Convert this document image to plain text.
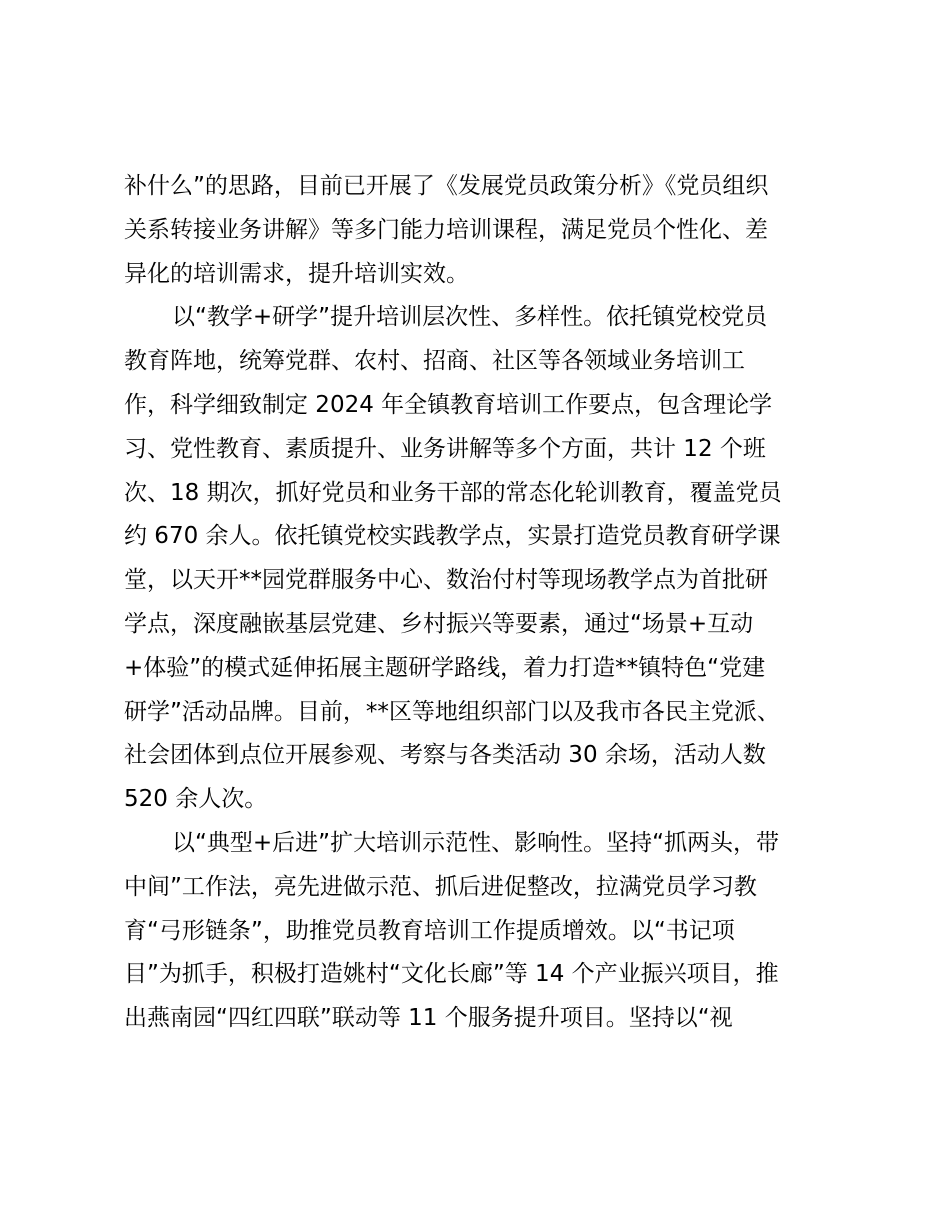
补什么”的思路，目前已开展了《发展党员政策分析》《党员组织
关系转接业务讲解》等多门能力培训课程，满足党员个性化、差
异化的培训需求，提升培训实效。
以“教学+研学”提升培训层次性、多样性。依托镇党校党员
教育阵地，统筹党群、农村、招商、社区等各领域业务培训工
作，科学细致制定 2024 年全镇教育培训工作要点，包含理论学
习、党性教育、素质提升、业务讲解等多个方面，共计 12 个班
次、18 期次，抓好党员和业务干部的常态化轮训教育，覆盖党员
约 670 余人。依托镇党校实践教学点，实景打造党员教育研学课
堂，以天开**园党群服务中心、数治付村等现场教学点为首批研
学点，深度融嵌基层党建、乡村振兴等要素，通过“场景+互动
+体验”的模式延伸拓展主题研学路线，着力打造**镇特色“党建
研学”活动品牌。目前，**区等地组织部门以及我市各民主党派、
社会团体到点位开展参观、考察与各类活动 30 余场，活动人数
520 余人次。
以“典型+后进”扩大培训示范性、影响性。坚持“抓两头，带
中间”工作法，亮先进做示范、抓后进促整改，拉满党员学习教
育“弓形链条”，助推党员教育培训工作提质增效。以“书记项
目”为抓手，积极打造姚村“文化长廊”等 14 个产业振兴项目，推
出燕南园“四红四联”联动等 11 个服务提升项目。坚持以“视
